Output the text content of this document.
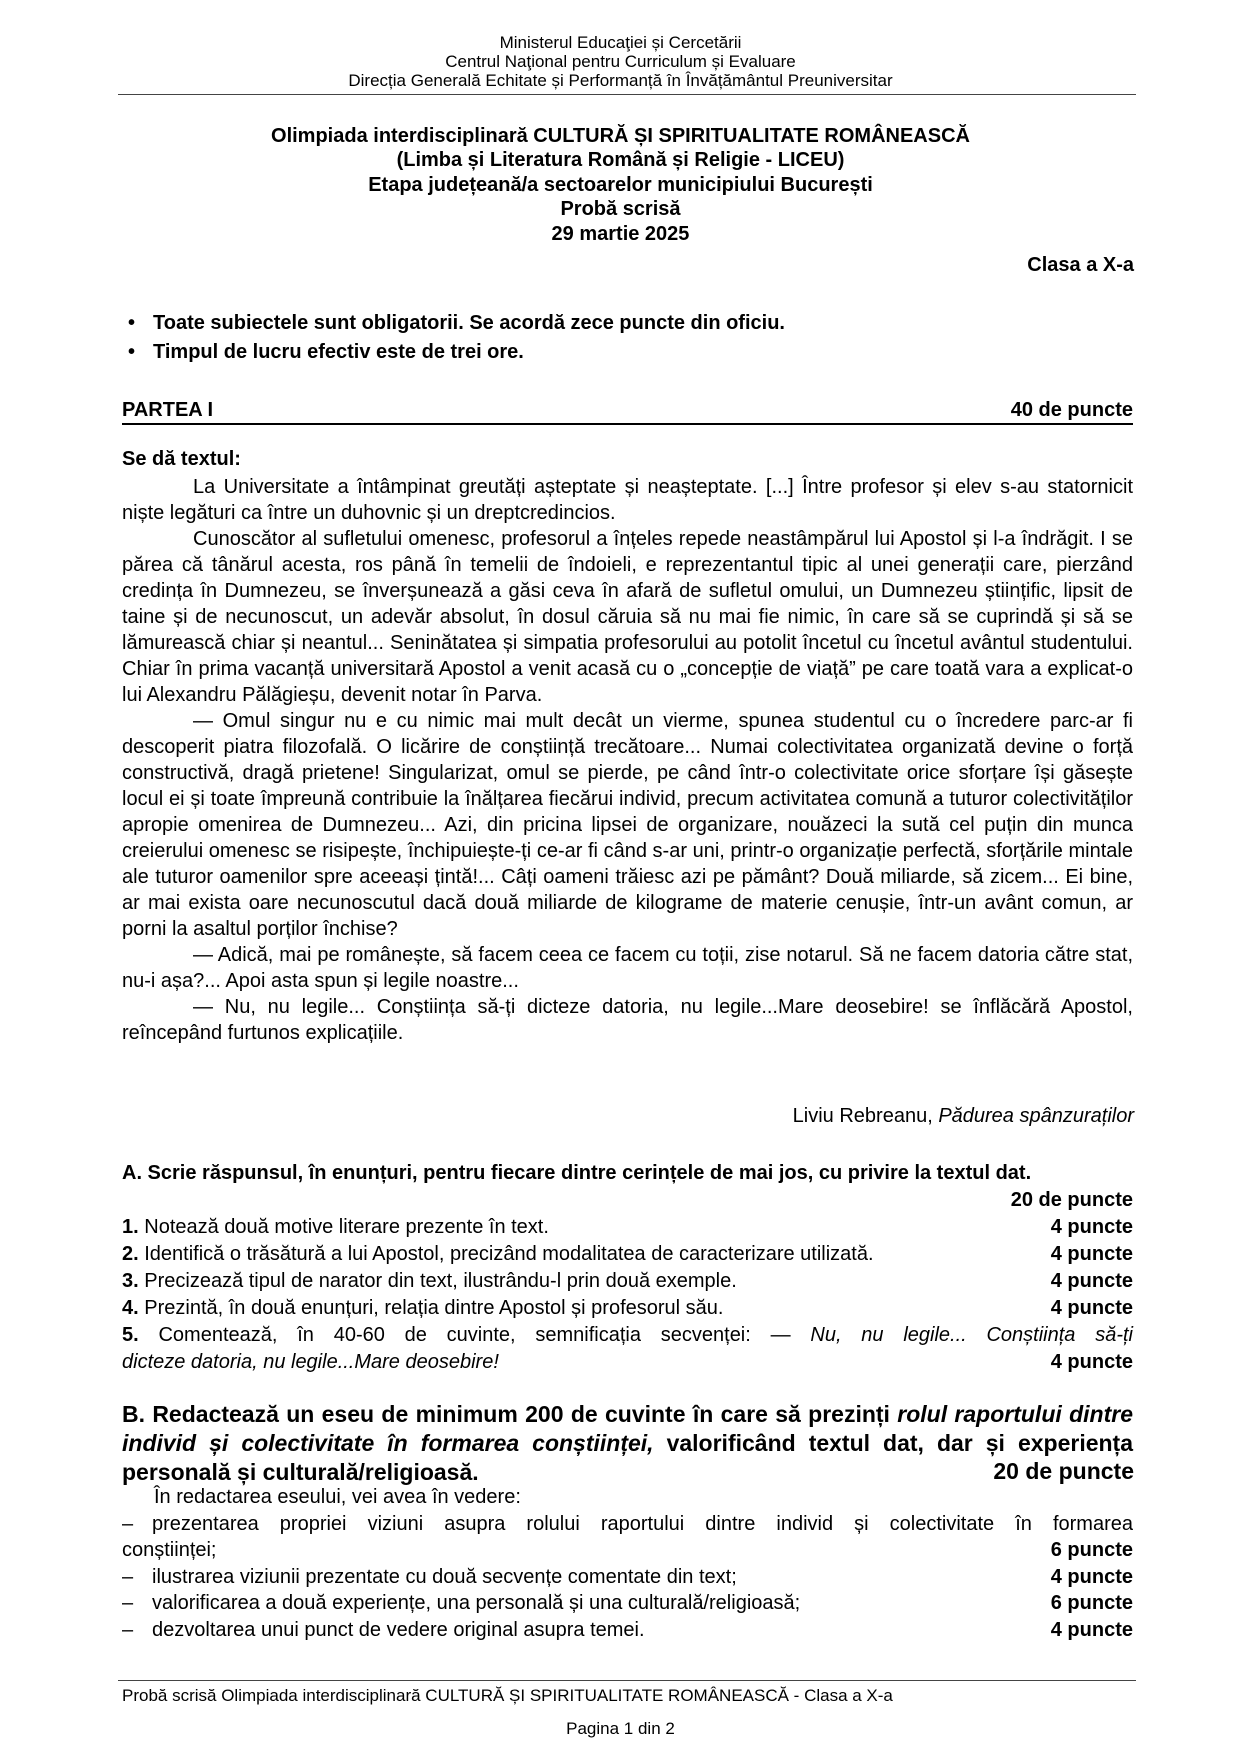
Ministerul Educaţiei și Cercetării
Centrul Naţional pentru Curriculum și Evaluare
Direcția Generală Echitate și Performanță în Învățământul Preuniversitar
Olimpiada interdisciplinară CULTURĂ ȘI SPIRITUALITATE ROMÂNEASCĂ
(Limba și Literatura Română și Religie - LICEU)
Etapa județeană/a sectoarelor municipiului București
Probă scrisă
29 martie 2025
Clasa a X-a
• Toate subiectele sunt obligatorii. Se acordă zece puncte din oficiu.
• Timpul de lucru efectiv este de trei ore.
PARTEA I	40 de puncte
Se dă textul:

La Universitate a întâmpinat greutăți așteptate și neașteptate. [...] Între profesor și elev s-au statornicit niște legături ca între un duhovnic și un dreptcredincios.

Cunoscător al sufletului omenesc, profesorul a înțeles repede neastâmpărul lui Apostol și l-a îndrăgit. I se părea că tânărul acesta, ros până în temelii de îndoieli, e reprezentantul tipic al unei generații care, pierzând credința în Dumnezeu, se înverșunează a găsi ceva în afară de sufletul omului, un Dumnezeu științific, lipsit de taine și de necunoscut, un adevăr absolut, în dosul căruia să nu mai fie nimic, în care să se cuprindă și să se lămurească chiar și neantul... Seninătatea și simpatia profesorului au potolit încetul cu încetul avântul studentului. Chiar în prima vacanță universitară Apostol a venit acasă cu o „concepție de viață” pe care toată vara a explicat-o lui Alexandru Pălăgieșu, devenit notar în Parva.

— Omul singur nu e cu nimic mai mult decât un vierme, spunea studentul cu o încredere parc-ar fi descoperit piatra filozofală. O licărire de conștiință trecătoare... Numai colectivitatea organizată devine o forță constructivă, dragă prietene! Singularizat, omul se pierde, pe când într-o colectivitate orice sforțare își găsește locul ei și toate împreună contribuie la înălțarea fiecărui individ, precum activitatea comună a tuturor colectivităților apropie omenirea de Dumnezeu... Azi, din pricina lipsei de organizare, nouăzeci la sută cel puțin din munca creierului omenesc se risipește, închipuiește-ți ce-ar fi când s-ar uni, printr-o organizație perfectă, sforțările mintale ale tuturor oamenilor spre aceeași țintă!... Câți oameni trăiesc azi pe pământ? Două miliarde, să zicem... Ei bine, ar mai exista oare necunoscutul dacă două miliarde de kilograme de materie cenușie, într-un avânt comun, ar porni la asaltul porților închise?

— Adică, mai pe românește, să facem ceea ce facem cu toții, zise notarul. Să ne facem datoria către stat, nu-i așa?... Apoi asta spun și legile noastre...

— Nu, nu legile... Conștiința să-ți dicteze datoria, nu legile...Mare deosebire! se înflăcără Apostol, reîncepând furtunos explicațiile.

Liviu Rebreanu, Pădurea spânzuraților
A. Scrie răspunsul, în enunțuri, pentru fiecare dintre cerințele de mai jos, cu privire la textul dat.
20 de puncte
1. Notează două motive literare prezente în text.	4 puncte
2. Identifică o trăsătură a lui Apostol, precizând modalitatea de caracterizare utilizată.	4 puncte
3. Precizează tipul de narator din text, ilustrându-l prin două exemple.	4 puncte
4. Prezintă, în două enunțuri, relația dintre Apostol și profesorul său.	4 puncte
5. Comentează, în 40-60 de cuvinte, semnificația secvenței: — Nu, nu legile... Conștiința să-ți
dicteze datoria, nu legile...Mare deosebire!	4 puncte
B. Redactează un eseu de minimum 200 de cuvinte în care să prezinți rolul raportului dintre individ și colectivitate în formarea conștiinței, valorificând textul dat, dar și experiența personală și culturală/religioasă.	20 de puncte
În redactarea eseului, vei avea în vedere:
– prezentarea propriei viziuni asupra rolului raportului dintre individ și colectivitate în formarea
conștiinței;	6 puncte
– ilustrarea viziunii prezentate cu două secvențe comentate din text;	4 puncte
– valorificarea a două experiențe, una personală și una culturală/religioasă;	6 puncte
– dezvoltarea unui punct de vedere original asupra temei.	4 puncte
Probă scrisă Olimpiada interdisciplinară CULTURĂ ȘI SPIRITUALITATE ROMÂNEASCĂ - Clasa a X-a
Pagina 1 din 2
